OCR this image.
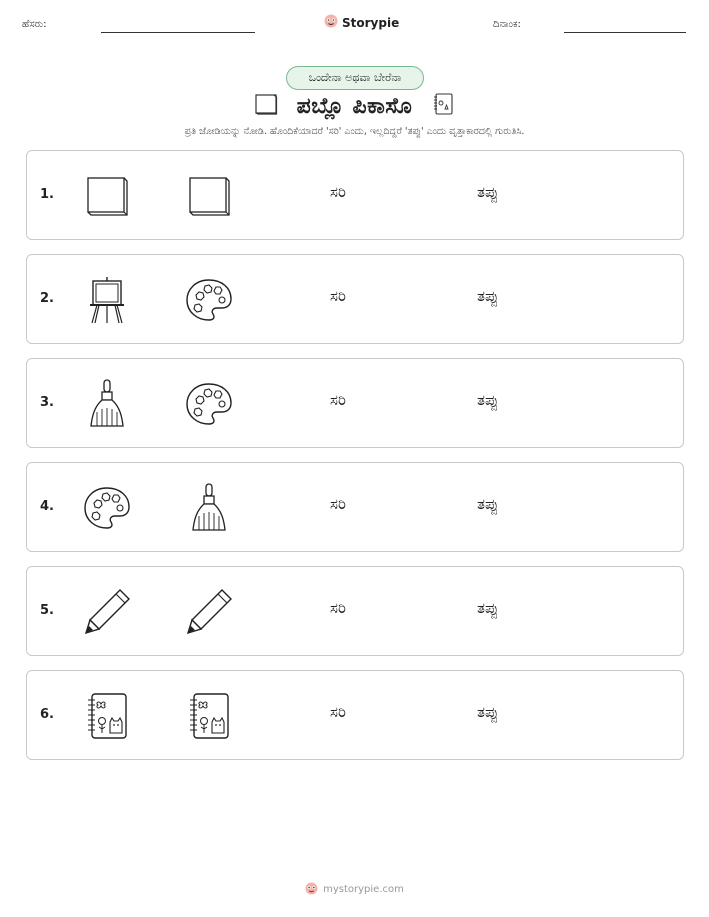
ಹೆಸರು:	Storypie	ದಿನಾಂಕ:
ಒಂದೇನಾ ಅಥವಾ ಬೇರೆನಾ
ಪಬ್ಲೊ ಪಿಕಾಸೊ
ಪ್ರತಿ ಜೋಡಿಯನ್ನು ನೋಡಿ. ಹೊಂದಿಕೆಯಾದರೆ 'ಸರಿ' ಎಂದು, ಇಲ್ಲದಿದ್ದರೆ 'ತಪ್ಪು' ಎಂದು ವೃತ್ತಾಕಾರದಲ್ಲಿ ಗುರುತಿಸಿ.
1.	ಸರಿ	ತಪ್ಪು
2.	ಸರಿ	ತಪ್ಪು
3.	ಸರಿ	ತಪ್ಪು
4.	ಸರಿ	ತಪ್ಪು
5.	ಸರಿ	ತಪ್ಪು
6.	ಸರಿ	ತಪ್ಪು
mystorypie.com
